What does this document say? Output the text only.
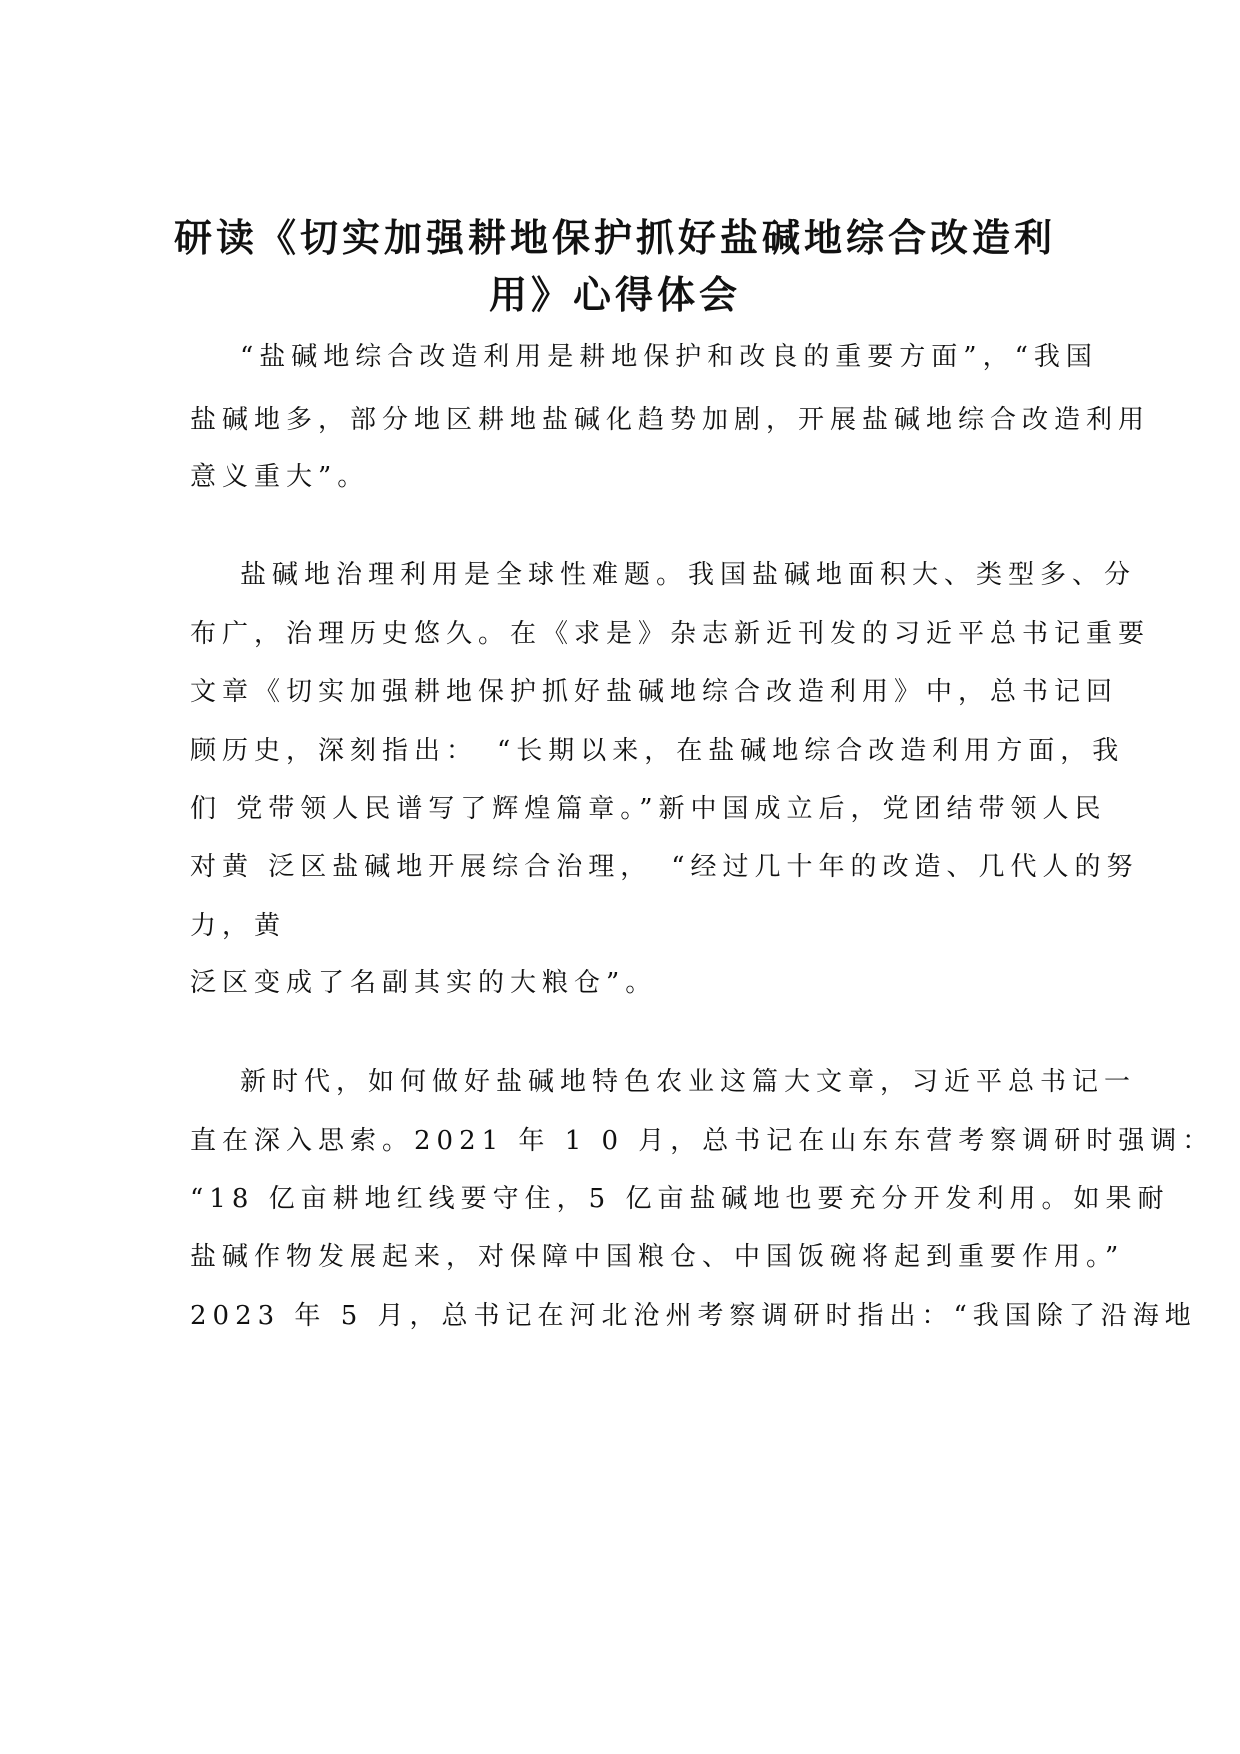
研读《切实加强耕地保护抓好盐碱地综合改造利
用》心得体会
“盐碱地综合改造利用是耕地保护和改良的重要方面”，“我国
盐碱地多，部分地区耕地盐碱化趋势加剧，开展盐碱地综合改造利用
意义重大”。
盐碱地治理利用是全球性难题。我国盐碱地面积大、类型多、分
布广，治理历史悠久。在《求是》杂志新近刊发的习近平总书记重要
文章《切实加强耕地保护抓好盐碱地综合改造利用》中，总书记回
顾历史，深刻指出：　“长期以来，在盐碱地综合改造利用方面，我
们 党带领人民谱写了辉煌篇章。”新中国成立后，党团结带领人民
对黄 泛区盐碱地开展综合治理，　“经过几十年的改造、几代人的努
力，黄
泛区变成了名副其实的大粮仓”。
新时代，如何做好盐碱地特色农业这篇大文章，习近平总书记一
直在深入思索。2021 年 1 0 月，总书记在山东东营考察调研时强调：
“18 亿亩耕地红线要守住，5 亿亩盐碱地也要充分开发利用。如果耐
盐碱作物发展起来，对保障中国粮仓、中国饭碗将起到重要作用。”
2023 年 5 月，总书记在河北沧州考察调研时指出：“我国除了沿海地
